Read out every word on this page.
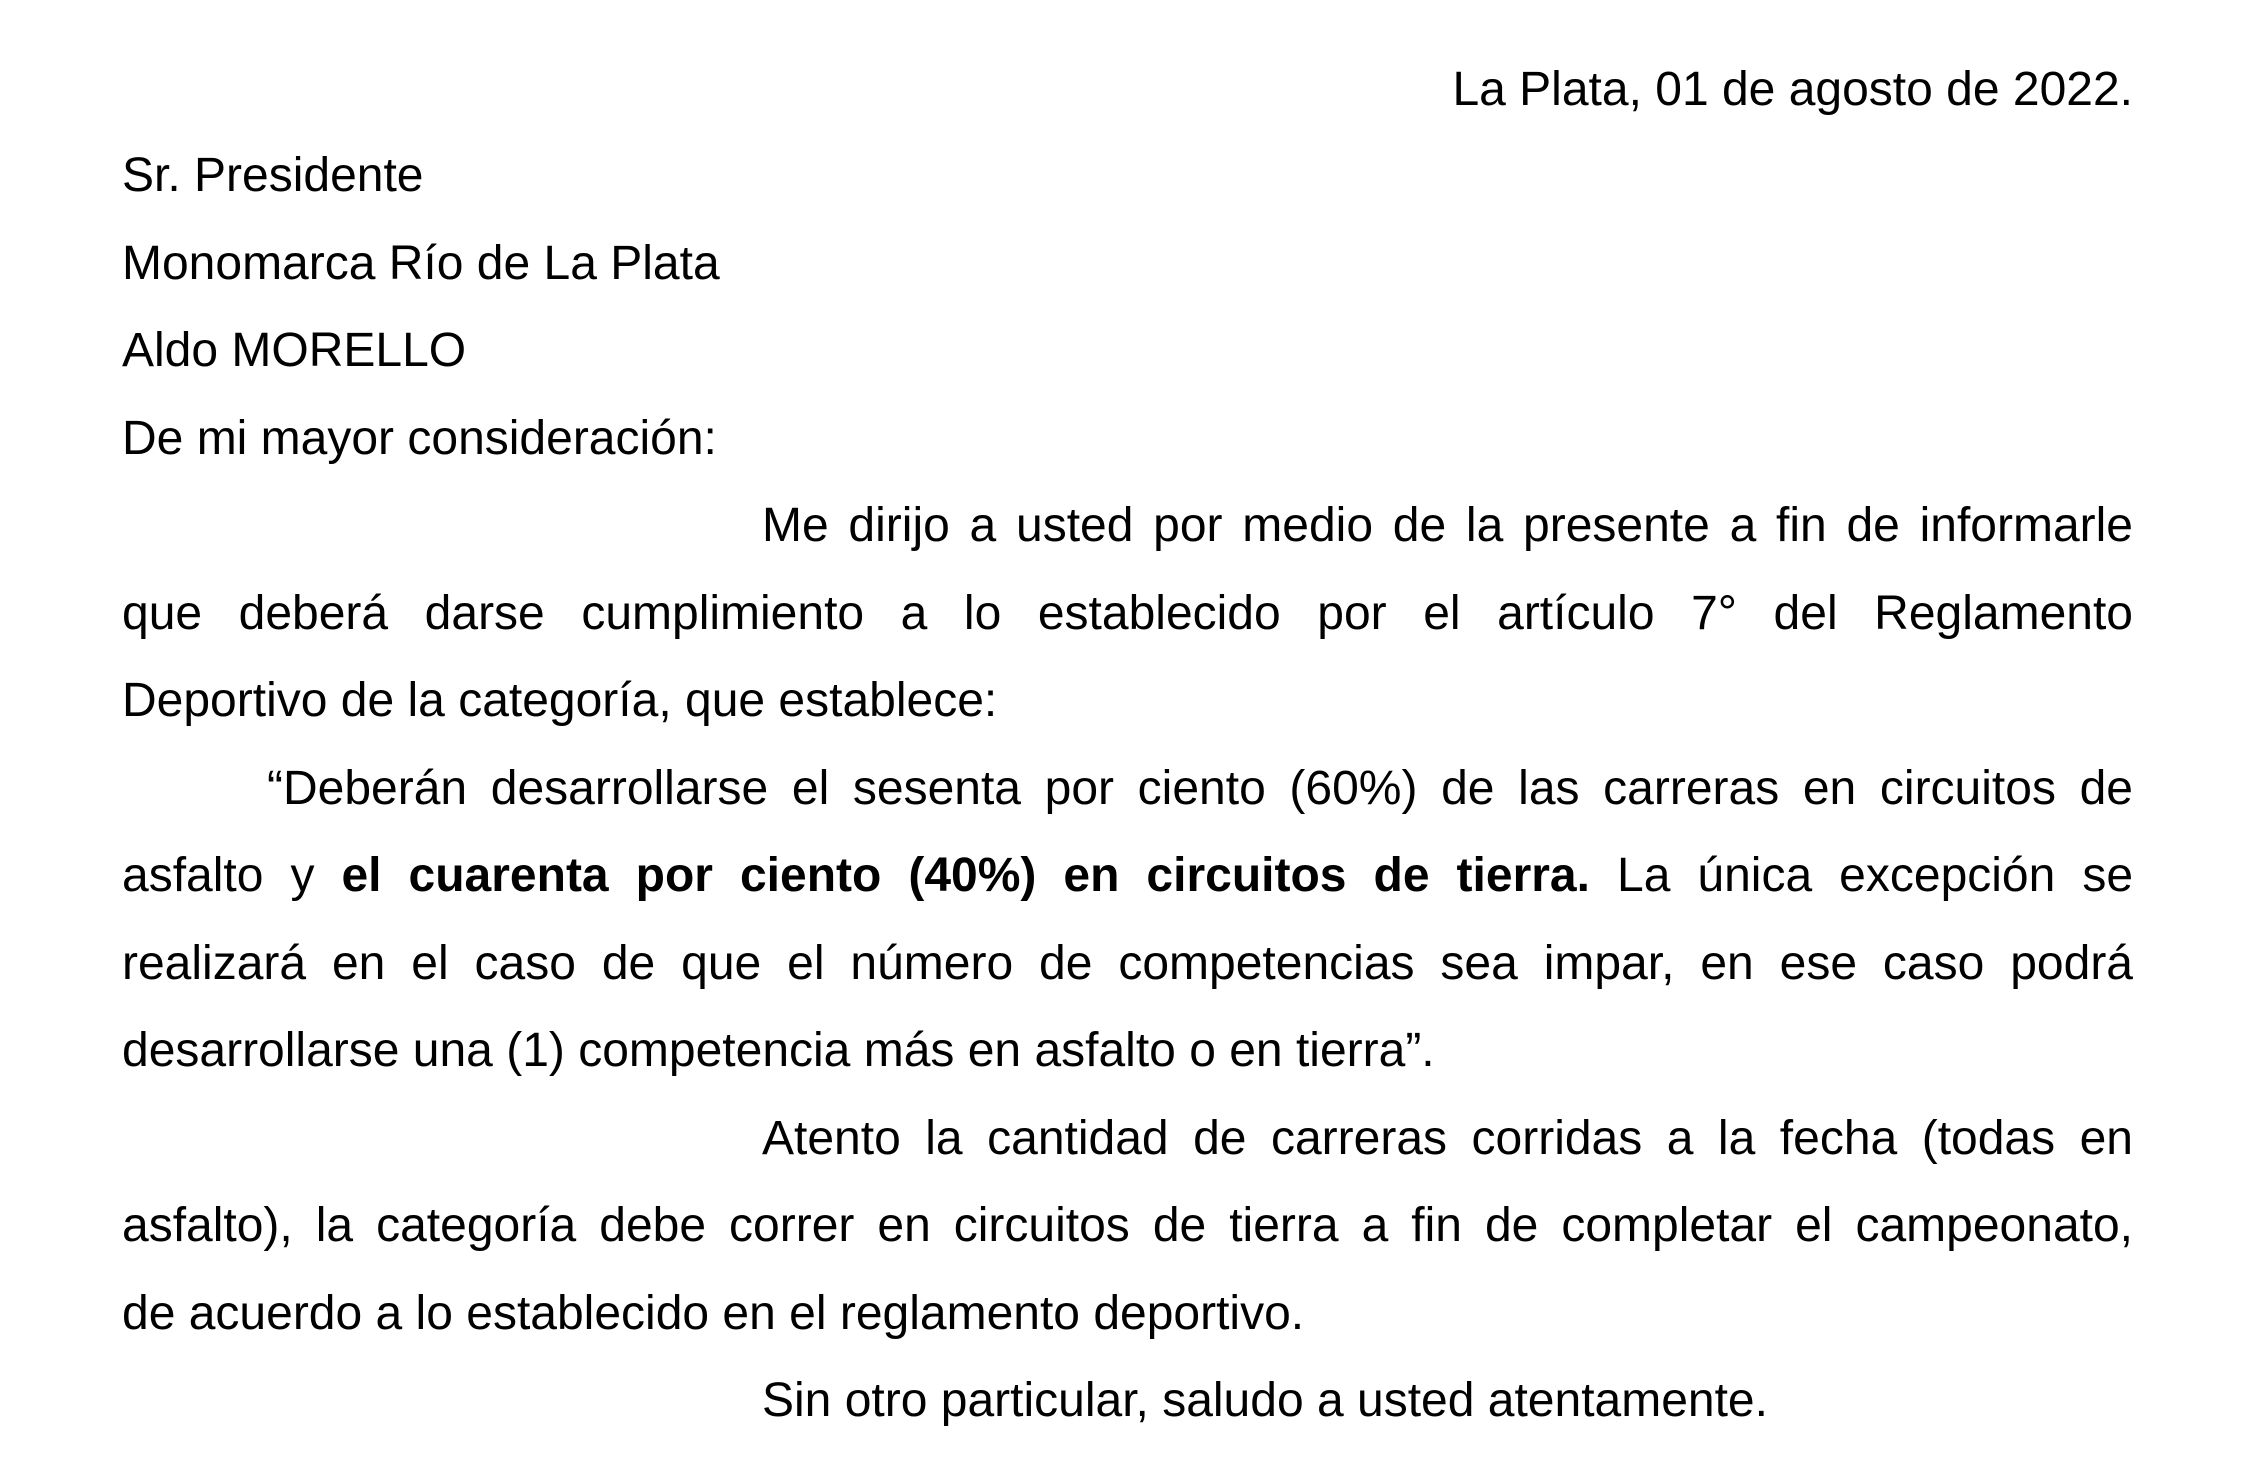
La Plata, 01 de agosto de 2022.
Sr. Presidente
Monomarca Río de La Plata
Aldo MORELLO
De mi mayor consideración:
Me dirijo a usted por medio de la presente a fin de informarle
que deberá darse cumplimiento a lo establecido por el artículo 7° del Reglamento
Deportivo de la categoría, que establece:
“Deberán desarrollarse el sesenta por ciento (60%) de las carreras en circuitos de
asfalto y el cuarenta por ciento (40%) en circuitos de tierra. La única excepción se
realizará en el caso de que el número de competencias sea impar, en ese caso podrá
desarrollarse una (1) competencia más en asfalto o en tierra”.
Atento la cantidad de carreras corridas a la fecha (todas en
asfalto), la categoría debe correr en circuitos de tierra a fin de completar el campeonato,
de acuerdo a lo establecido en el reglamento deportivo.
Sin otro particular, saludo a usted atentamente.
